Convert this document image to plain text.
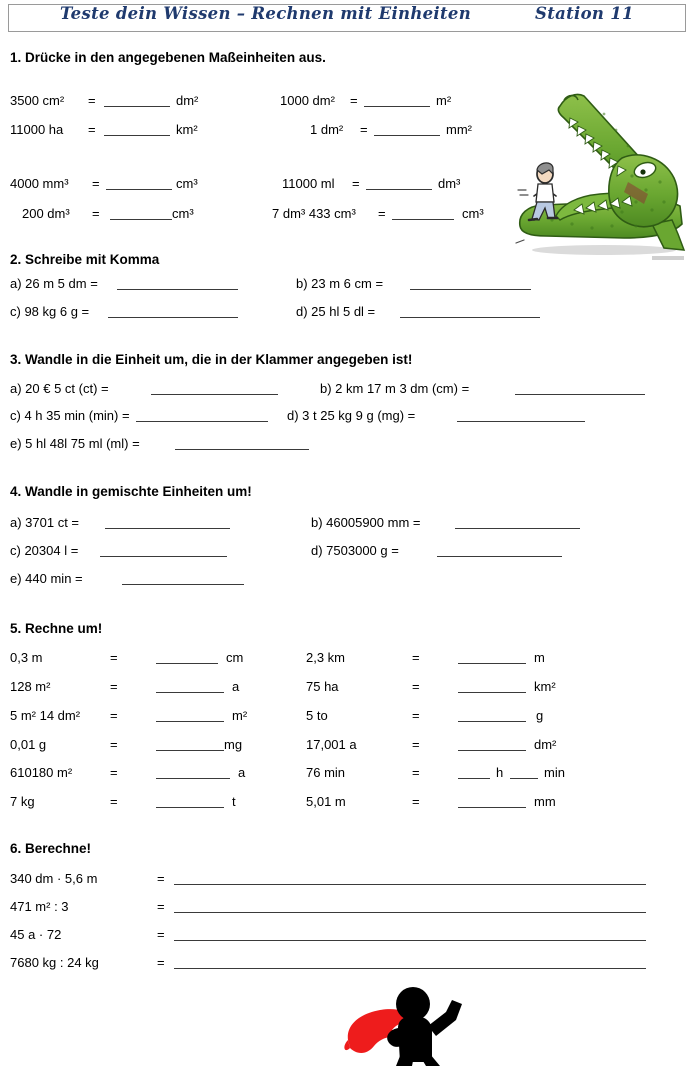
Teste dein Wissen – Rechnen mit Einheiten	Station 11
1. Drücke in den angegebenen Maßeinheiten aus.
3500 cm² =	dm²	1000 dm² =	m²
11000 ha =	km²	1 dm² =	mm²
4000 mm³ =	cm³	11000 ml =	dm³
200 dm³ =	cm³	7 dm³ 433 cm³ =	cm³
2. Schreibe mit Komma
a) 26 m 5 dm =	b) 23 m 6 cm =
c) 98 kg 6 g =	d) 25 hl 5 dl =
3. Wandle in die Einheit um, die in der Klammer angegeben ist!
a) 20 € 5 ct (ct) =	b) 2 km 17 m 3 dm (cm) =
c) 4 h 35 min (min) =	d) 3 t 25 kg 9 g (mg) =
e) 5 hl 48l 75 ml (ml) =
4. Wandle in gemischte Einheiten um!
a) 3701 ct =	b) 46005900 mm =
c) 20304 l =	d) 7503000 g =
e) 440 min =
5. Rechne um!
0,3 m	=	cm	2,3 km	=	m
128 m²	=	a	75 ha	=	km²
5 m² 14 dm² =	m²	5 to	=	g
0,01 g	=	mg	17,001 a	=	dm²
610180 m²	=	a	76 min	=	h	min
7 kg	=	t	5,01 m	=	mm
6. Berechne!
340 dm · 5,6 m	=
471 m² : 3	=
45 a · 72	=
7680 kg : 24 kg	=
